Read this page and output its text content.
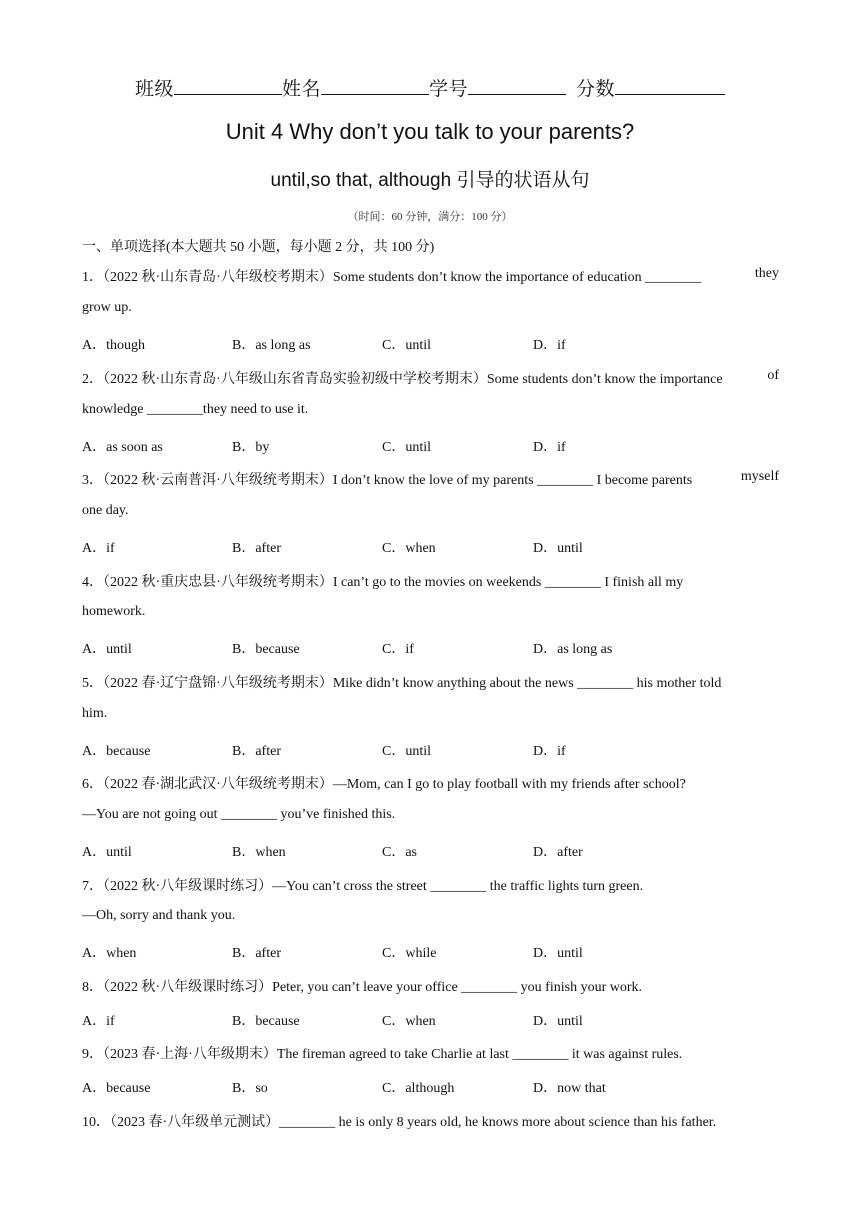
班级	姓名	学号	分数
Unit 4 Why don’t you talk to your parents?
until,so that, although 引导的状语从句
（时间：60 分钟，满分：100 分）
一、单项选择(本大题共 50 小题，每小题 2 分，共 100 分)
1．（2022 秋·山东青岛·八年级校考期末）Some students don’t know the importance of education ________	they
grow up.
A．though	B．as long as	C．until	D．if
2．（2022 秋·山东青岛·八年级山东省青岛实验初级中学校考期末）Some students don’t know the importance	of
knowledge ________they need to use it.
A．as soon as	B．by	C．until	D．if
3．（2022 秋·云南普洱·八年级统考期末）I don’t know the love of my parents ________ I become parents	myself
one day.
A．if	B．after	C．when	D．until
4．（2022 秋·重庆忠县·八年级统考期末）I can’t go to the movies on weekends ________ I finish all my
homework.
A．until	B．because	C．if	D．as long as
5．（2022 春·辽宁盘锦·八年级统考期末）Mike didn’t know anything about the news ________ his mother told
him.
A．because	B．after	C．until	D．if
6．（2022 春·湖北武汉·八年级统考期末）—Mom, can I go to play football with my friends after school?
—You are not going out ________ you’ve finished this.
A．until	B．when	C．as	D．after
7．（2022 秋·八年级课时练习）—You can’t cross the street ________ the traffic lights turn green.
—Oh, sorry and thank you.
A．when	B．after	C．while	D．until
8．（2022 秋·八年级课时练习）Peter, you can’t leave your office ________ you finish your work.
A．if	B．because	C．when	D．until
9．（2023 春·上海·八年级期末）The fireman agreed to take Charlie at last ________ it was against rules.
A．because	B．so	C．although	D．now that
10．（2023 春·八年级单元测试）________ he is only 8 years old, he knows more about science than his father.
